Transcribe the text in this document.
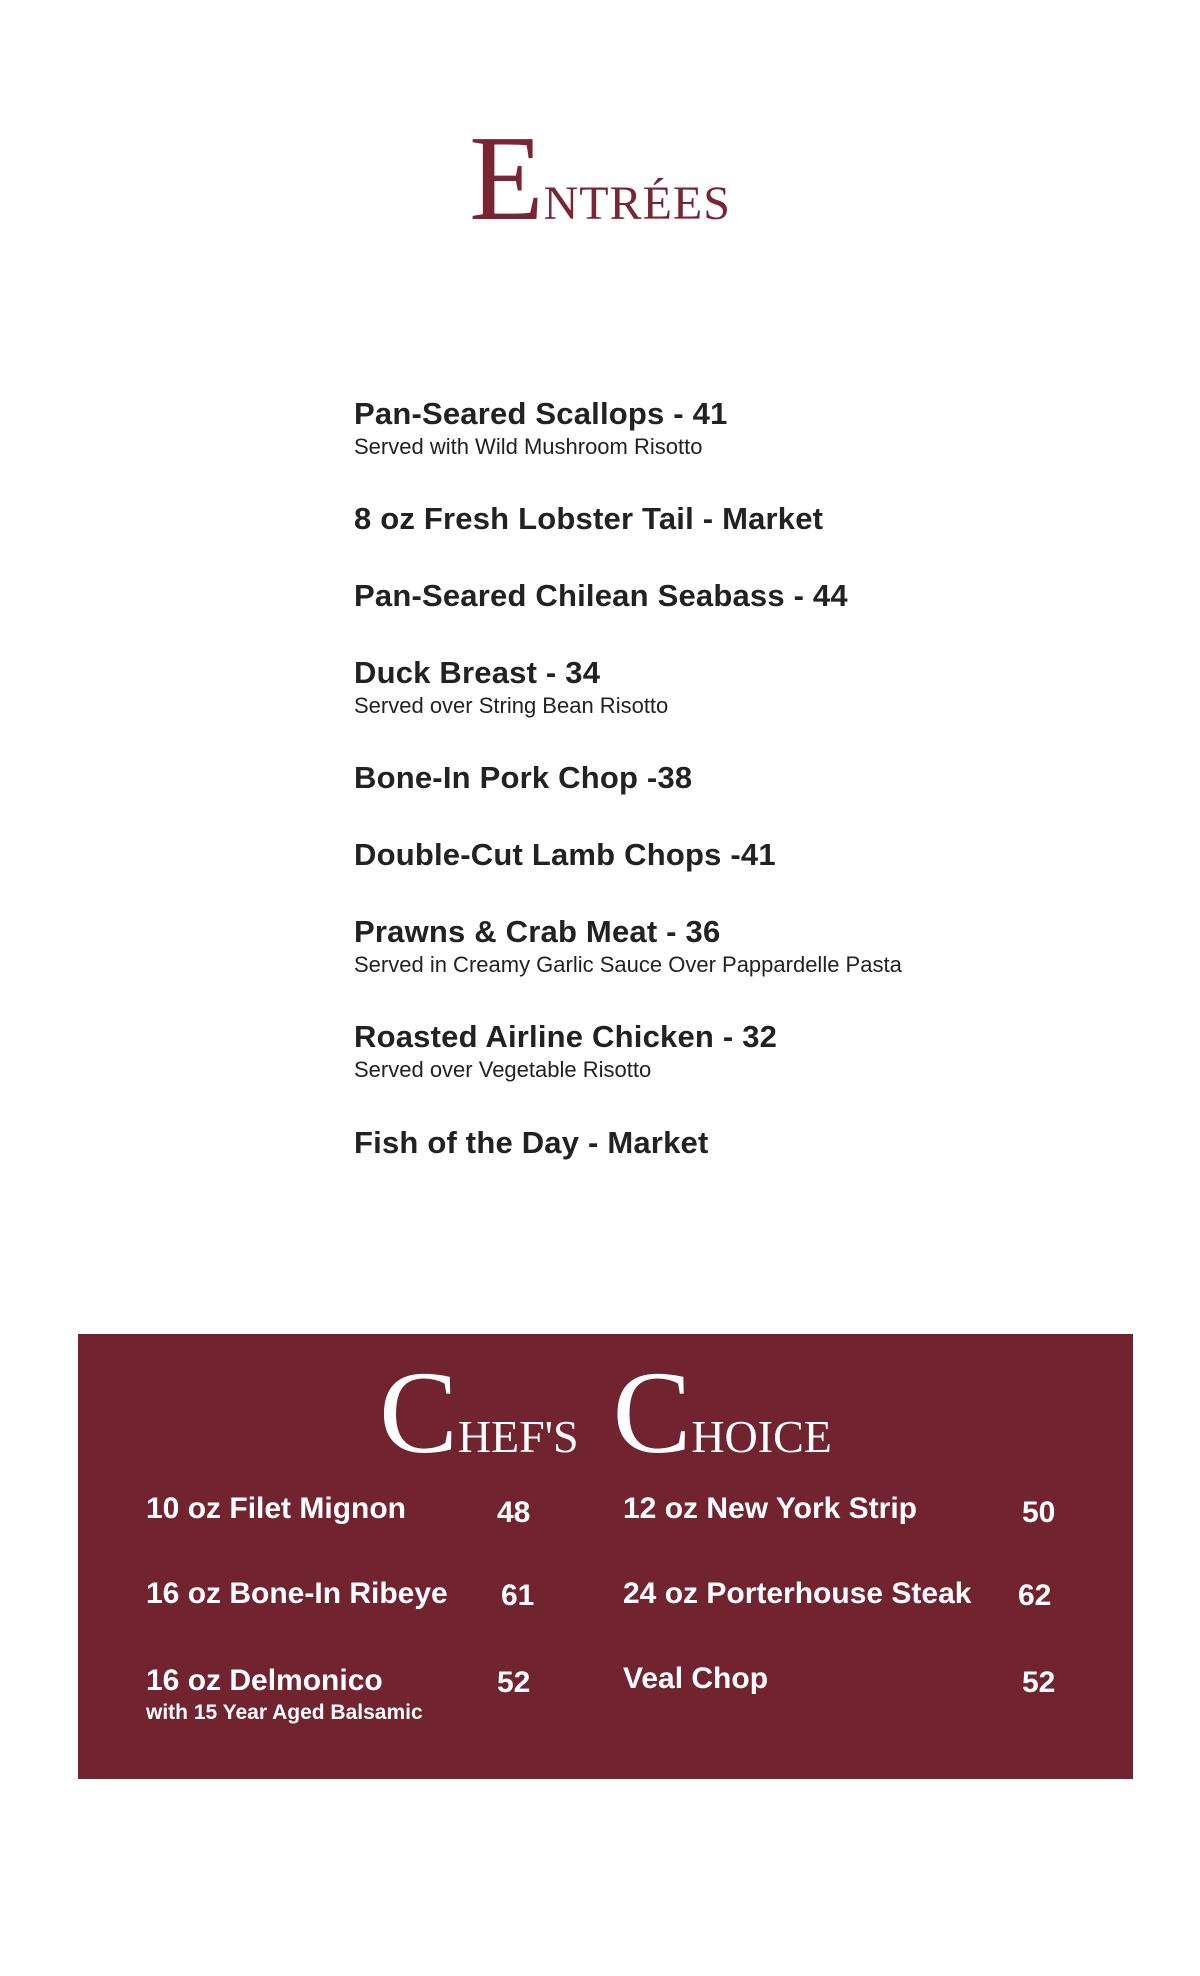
ENTRÉES
Pan-Seared Scallops - 41
Served with Wild Mushroom Risotto
8 oz Fresh Lobster Tail - Market
Pan-Seared Chilean Seabass - 44
Duck Breast - 34
Served over String Bean Risotto
Bone-In Pork Chop -38
Double-Cut Lamb Chops -41
Prawns & Crab Meat - 36
Served in Creamy Garlic Sauce Over Pappardelle Pasta
Roasted Airline Chicken - 32
Served over Vegetable Risotto
Fish of the Day - Market
CHEF'S CHOICE
10 oz Filet Mignon	48
16 oz Bone-In Ribeye 61
16 oz Delmonico
with 15 Year Aged Balsamic
52
12 oz New York Strip	50
24 oz Porterhouse Steak 62
Veal Chop	52
